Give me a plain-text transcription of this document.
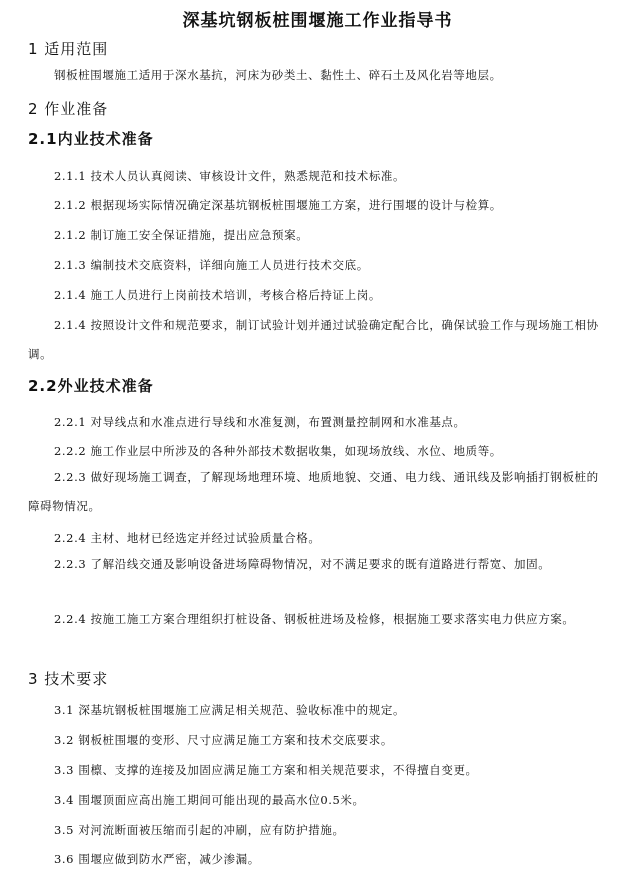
深基坑钢板桩围堰施工作业指导书
1 适用范围
钢板桩围堰施工适用于深水基抗，河床为砂类土、黏性土、碎石土及风化岩等地层。
2 作业准备
2.1内业技术准备
2.1.1 技术人员认真阅读、审核设计文件，熟悉规范和技术标准。
2.1.2 根据现场实际情况确定深基坑钢板桩围堰施工方案，进行围堰的设计与检算。
2.1.2 制订施工安全保证措施，提出应急预案。
2.1.3 编制技术交底资料，详细向施工人员进行技术交底。
2.1.4 施工人员进行上岗前技术培训，考核合格后持证上岗。
2.1.4 按照设计文件和规范要求，制订试验计划并通过试验确定配合比，确保试验工作与现场施工相协调。
2.2外业技术准备
2.2.1 对导线点和水准点进行导线和水准复测，布置测量控制网和水准基点。
2.2.2 施工作业层中所涉及的各种外部技术数据收集，如现场放线、水位、地质等。
2.2.3 做好现场施工调查，了解现场地理环境、地质地貌、交通、电力线、通讯线及影响插打钢板桩的障碍物情况。
2.2.4 主材、地材已经选定并经过试验质量合格。
2.2.3 了解沿线交通及影响设备进场障碍物情况，对不满足要求的既有道路进行帮宽、加固。
2.2.4 按施工施工方案合理组织打桩设备、钢板桩进场及检修，根据施工要求落实电力供应方案。
3 技术要求
3.1 深基坑钢板桩围堰施工应满足相关规范、验收标准中的规定。
3.2 钢板桩围堰的变形、尺寸应满足施工方案和技术交底要求。
3.3 围檩、支撑的连接及加固应满足施工方案和相关规范要求，不得擅自变更。
3.4 围堰顶面应高出施工期间可能出现的最高水位0.5米。
3.5 对河流断面被压缩而引起的冲刷，应有防护措施。
3.6 围堰应做到防水严密，减少渗漏。
